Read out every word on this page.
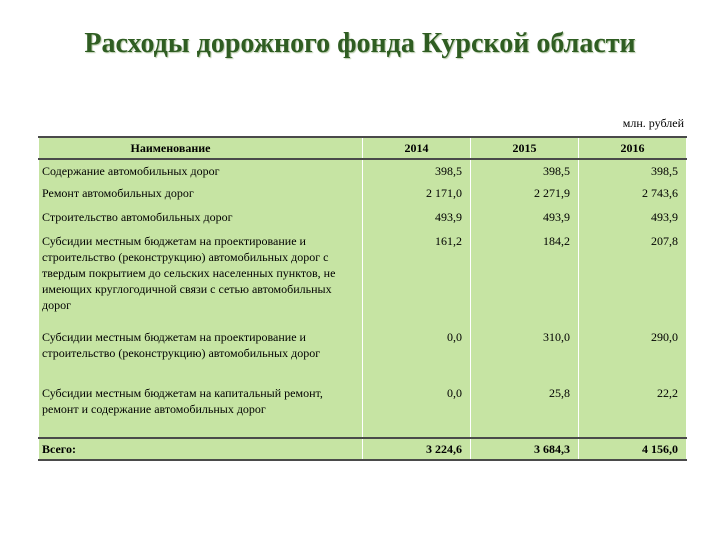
Расходы дорожного фонда Курской области
млн. рублей
Наименование	2014	2015	2016
Содержание автомобильных дорог	398,5	398,5	398,5
Ремонт автомобильных дорог	2 171,0	2 271,9	2 743,6
Строительство автомобильных дорог	493,9	493,9	493,9
Субсидии местным бюджетам на проектирование и строительство (реконструкцию) автомобильных дорог с твердым покрытием до сельских населенных пунктов, не имеющих круглогодичной связи с сетью автомобильных дорог	161,2	184,2	207,8
Субсидии местным бюджетам на проектирование и строительство (реконструкцию) автомобильных дорог	0,0	310,0	290,0
Субсидии местным бюджетам на капитальный ремонт, ремонт и содержание автомобильных дорог	0,0	25,8	22,2
Всего:	3 224,6	3 684,3	4 156,0
